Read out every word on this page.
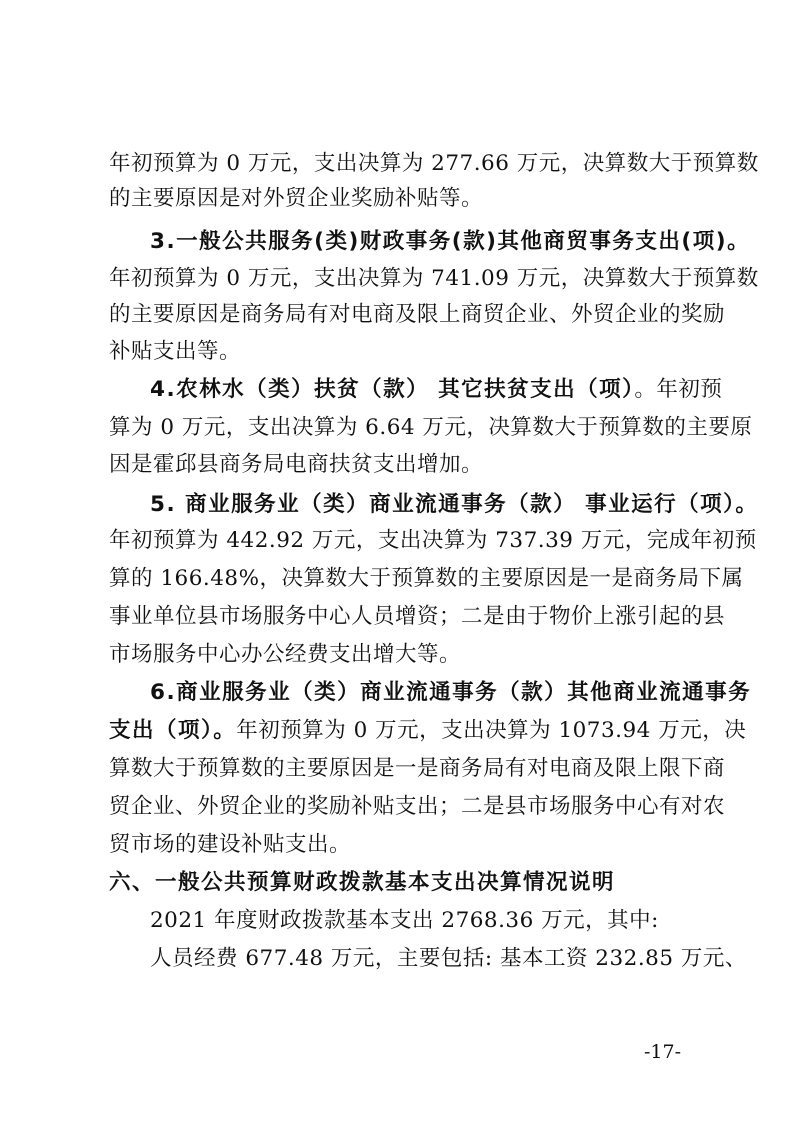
年初预算为 0 万元，支出决算为 277.66 万元，决算数大于预算数
的主要原因是对外贸企业奖励补贴等。
3.一般公共服务(类)财政事务(款)其他商贸事务支出(项)。
年初预算为 0 万元，支出决算为 741.09 万元，决算数大于预算数
的主要原因是商务局有对电商及限上商贸企业、外贸企业的奖励
补贴支出等。
4.农林水（类）扶贫（款） 其它扶贫支出（项）。年初预
算为 0 万元，支出决算为 6.64 万元，决算数大于预算数的主要原
因是霍邱县商务局电商扶贫支出增加。
5. 商业服务业（类）商业流通事务（款） 事业运行（项）。
年初预算为 442.92 万元，支出决算为 737.39 万元，完成年初预
算的 166.48%，决算数大于预算数的主要原因是一是商务局下属
事业单位县市场服务中心人员增资；二是由于物价上涨引起的县
市场服务中心办公经费支出增大等。
6.商业服务业（类）商业流通事务（款）其他商业流通事务
支出（项）。年初预算为 0 万元，支出决算为 1073.94 万元，决
算数大于预算数的主要原因是一是商务局有对电商及限上限下商
贸企业、外贸企业的奖励补贴支出；二是县市场服务中心有对农
贸市场的建设补贴支出。
六、一般公共预算财政拨款基本支出决算情况说明
2021 年度财政拨款基本支出 2768.36 万元，其中:
人员经费 677.48 万元，主要包括: 基本工资 232.85 万元、
-17-
